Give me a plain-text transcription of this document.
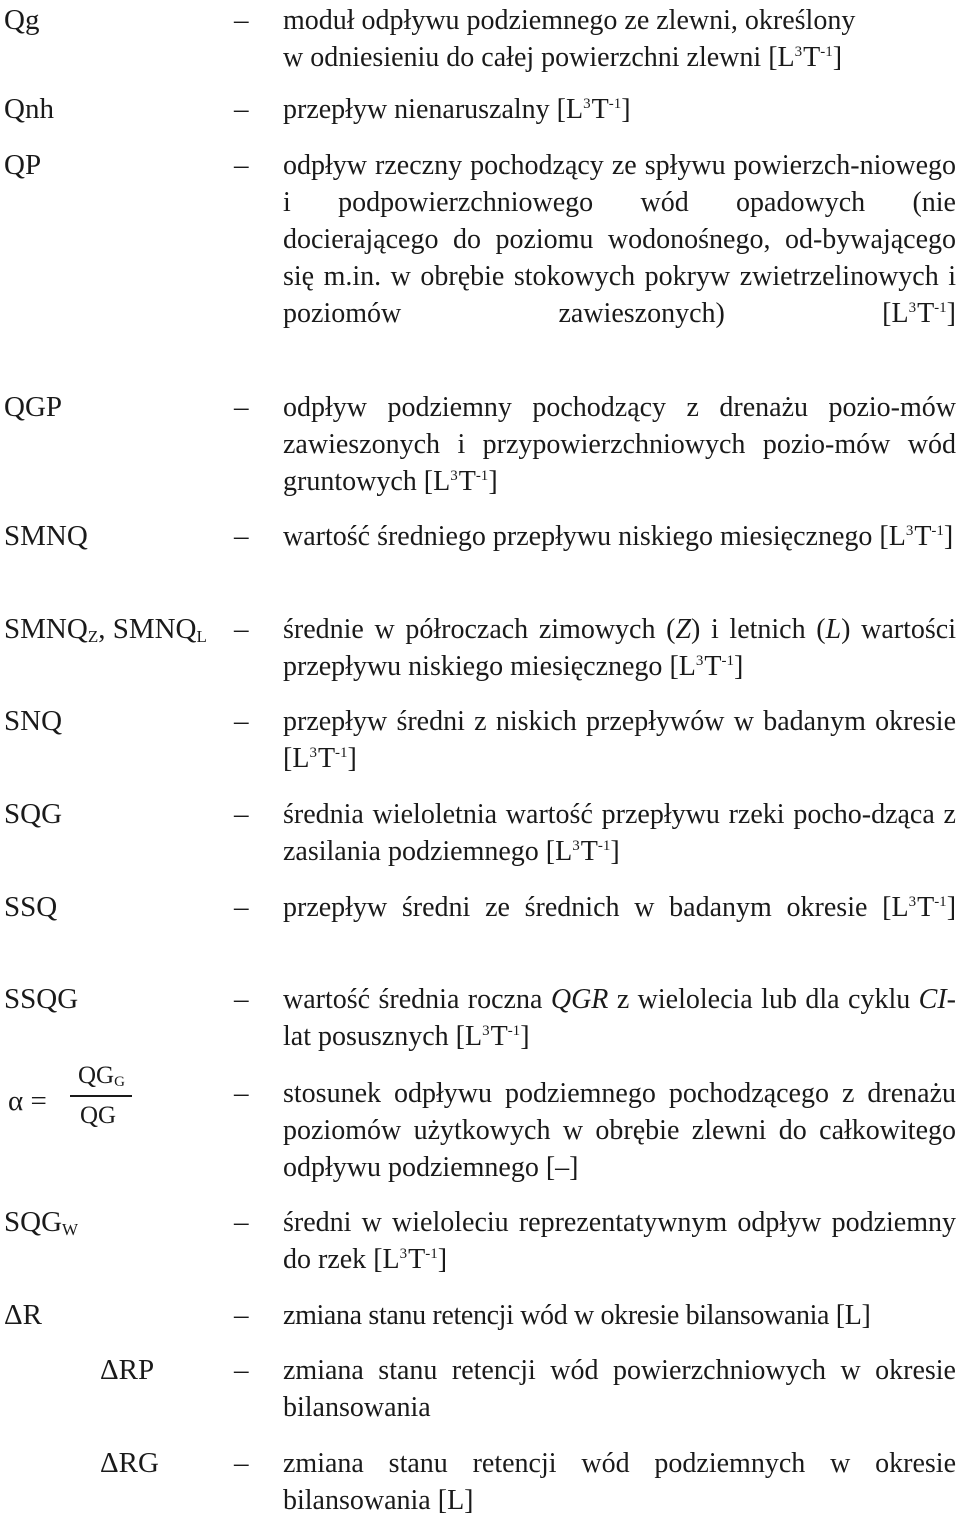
Qg	– moduł odpływu podziemnego ze zlewni, określony
w odniesieniu do całej powierzchni zlewni $[L^3T^{-1}]$
Qnh	– przepływ nienaruszalny $[L^3T^{-1}]$
QP	– odpływ rzeczny pochodzący ze spływu powierzch-niowego i podpowierzchniowego wód opadowych (nie docierającego do poziomu wodonośnego, od-bywającego się m.in. w obrębie stokowych pokryw zwietrzelinowych i poziomów zawieszonych)	$[L^3T^{-1}]$
QGP	– odpływ podziemny pochodzący z drenażu pozio-mów zawieszonych i przypowierzchniowych pozio-mów wód gruntowych $[L^3T^{-1}]$
SMNQ	– wartość średniego przepływu niskiego miesięcznego $[L^3T^{-1}]$
$SMNQ_Z$, $SMNQ_L$ – średnie w półroczach zimowych (Z) i letnich (L) wartości przepływu niskiego miesięcznego $[L^3T^{-1}]$
SNQ	– przepływ średni z niskich przepływów w badanym okresie $[L^3T^{-1}]$
SQG	– średnia wieloletnia wartość przepływu rzeki pocho-dząca z zasilania podziemnego $[L^3T^{-1}]$
SSQ	– przepływ średni ze średnich w badanym okresie $[L^3T^{-1}]$
SSQG	– wartość średnia roczna QGR z wielolecia lub dla cyklu CI-lat posusznych $[L^3T^{-1}]$
α =
$QG_G$
QG
– stosunek odpływu podziemnego pochodzącego z drenażu poziomów użytkowych w obrębie zlewni do całkowitego odpływu podziemnego [–]
$SQG_W$	– średni w wieloleciu reprezentatywnym odpływ podziemny do rzek $[L^3T^{-1}]$
ΔR	– zmiana stanu retencji wód w okresie bilansowania [L]
ΔRP	– zmiana stanu retencji wód powierzchniowych w okresie bilansowania
ΔRG	– zmiana stanu retencji wód podziemnych w okresie bilansowania [L]
